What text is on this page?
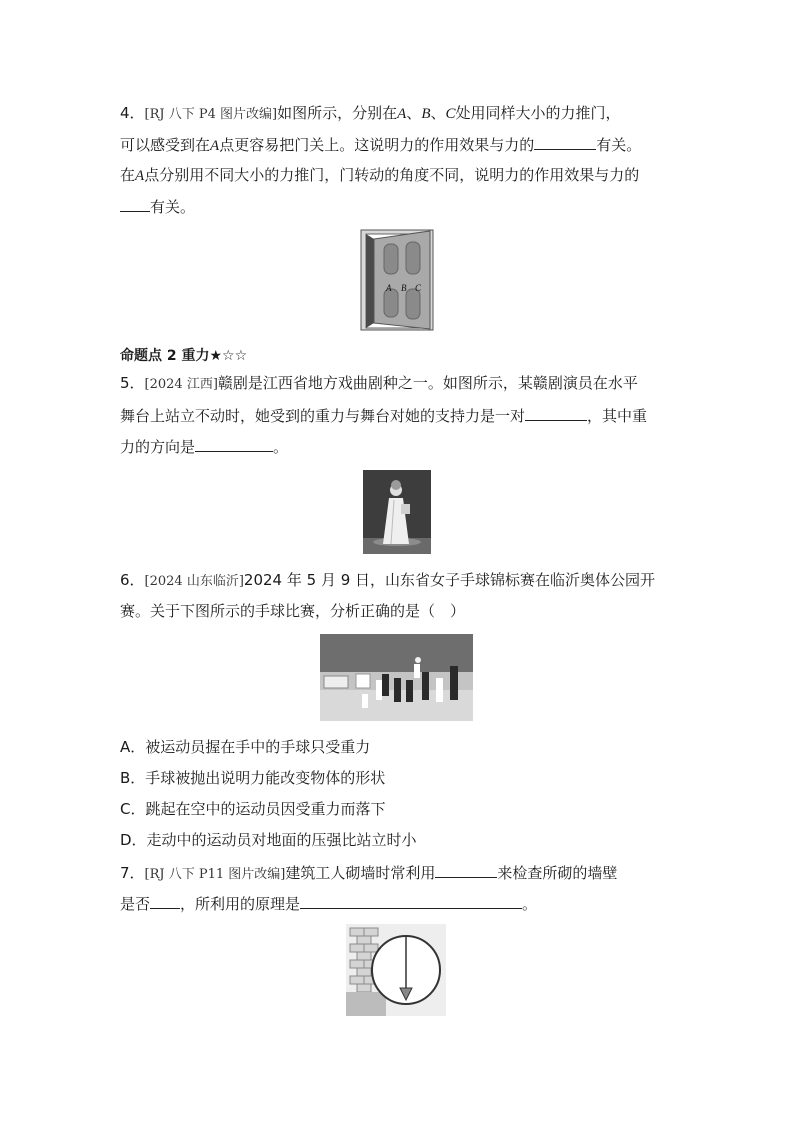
4．[RJ 八下 P4 图片改编]如图所示，分别在A、B、C处用同样大小的力推门，
可以感受到在A点更容易把门关上。这说明力的作用效果与力的	有关。
在A点分别用不同大小的力推门，门转动的角度不同，说明力的作用效果与力的
有关。
A B C
命题点 2 重力★☆☆
5．[2024 江西]赣剧是江西省地方戏曲剧种之一。如图所示，某赣剧演员在水平
舞台上站立不动时，她受到的重力与舞台对她的支持力是一对	，其中重
力的方向是	。
6．[2024 山东临沂]2024 年 5 月 9 日，山东省女子手球锦标赛在临沂奥体公园开
赛。关于下图所示的手球比赛，分析正确的是（　）
A．被运动员握在手中的手球只受重力
B．手球被抛出说明力能改变物体的形状
C．跳起在空中的运动员因受重力而落下
D．走动中的运动员对地面的压强比站立时小
7．[RJ 八下 P11 图片改编]建筑工人砌墙时常利用	来检查所砌的墙壁
是否 ，所利用的原理是	。
